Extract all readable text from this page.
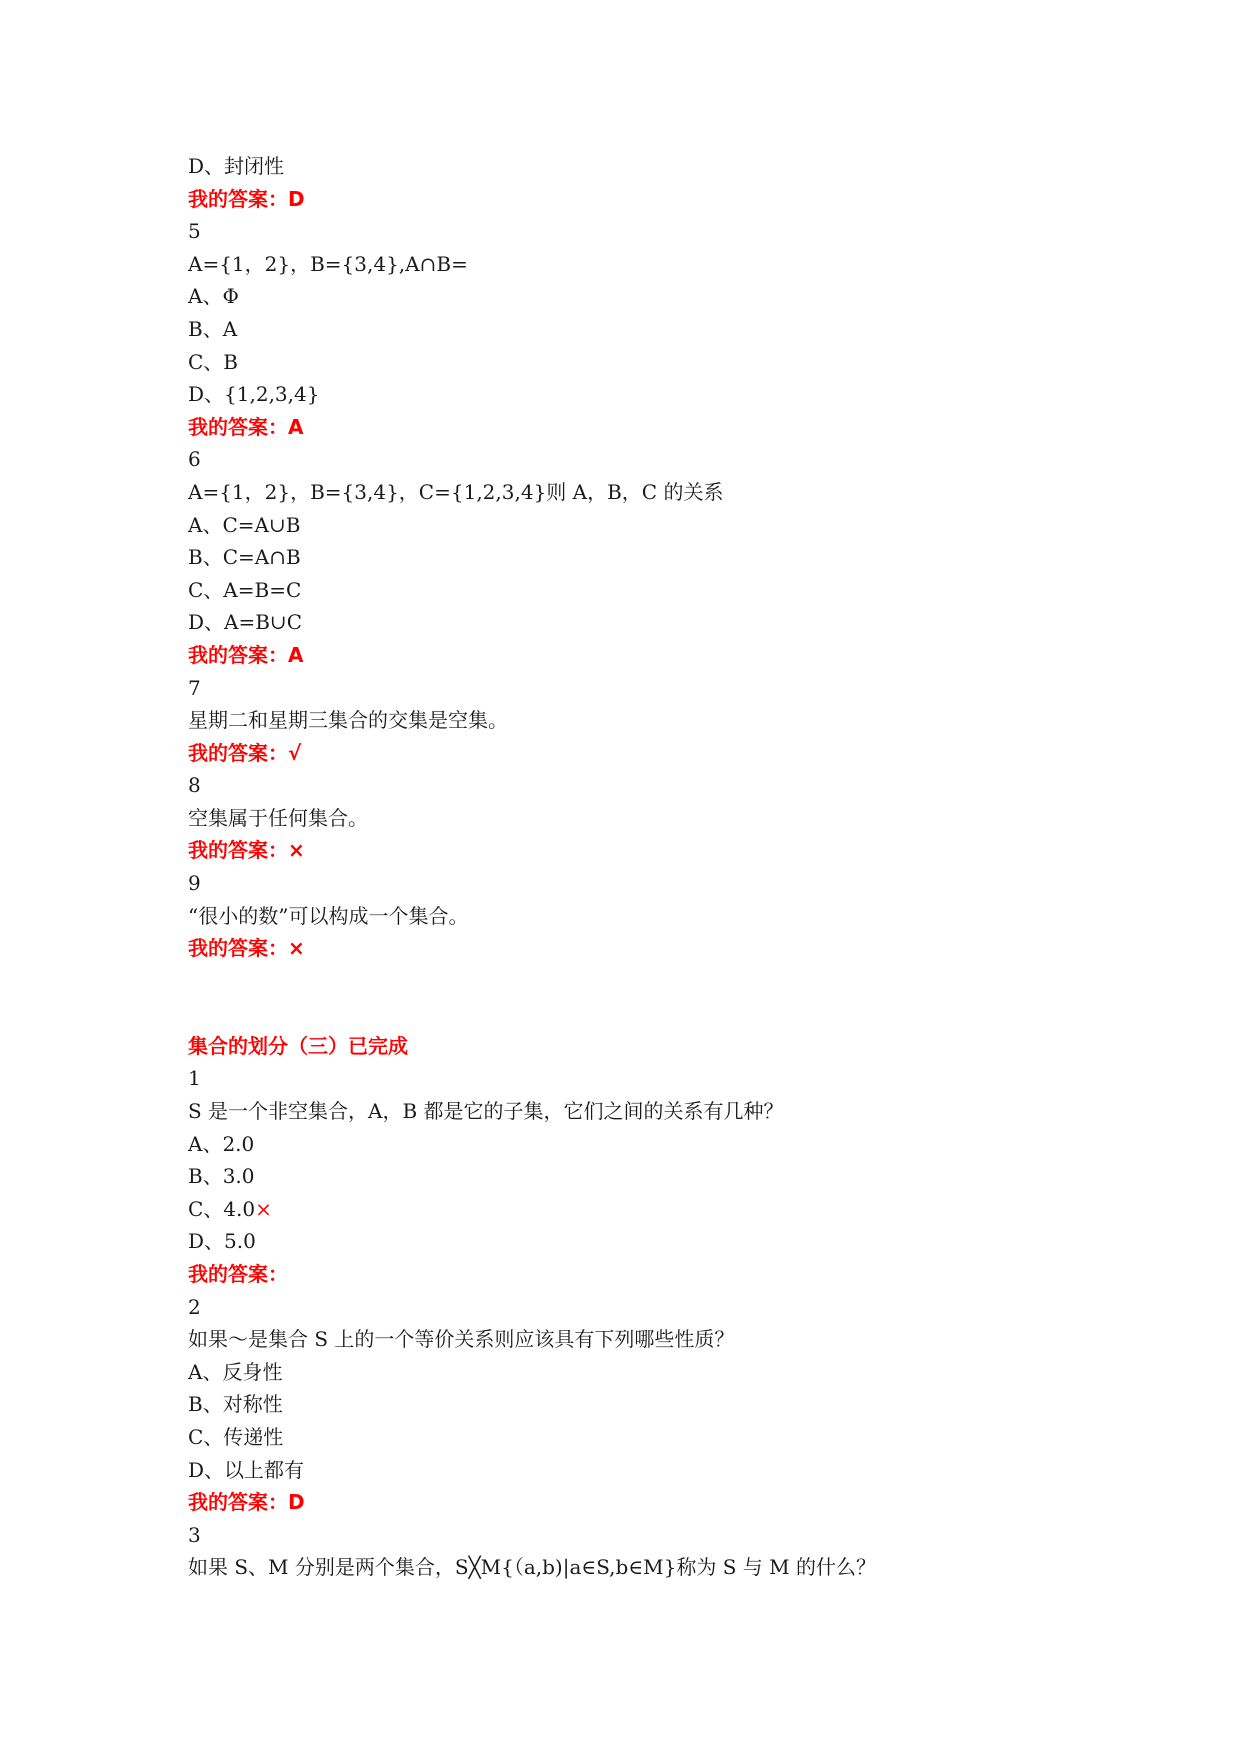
D、封闭性
我的答案：D
5
A={1，2}，B={3,4},A∩B=
A、Φ
B、A
C、B
D、{1,2,3,4}
我的答案：A
6
A={1，2}，B={3,4}，C={1,2,3,4}则 A，B，C 的关系
A、C=A∪B
B、C=A∩B
C、A=B=C
D、A=B∪C
我的答案：A
7
星期二和星期三集合的交集是空集。
我的答案：√
8
空集属于任何集合。
我的答案：×
9
“很小的数”可以构成一个集合。
我的答案：×
集合的划分（三）已完成
1
S 是一个非空集合，A，B 都是它的子集，它们之间的关系有几种？
A、2.0
B、3.0
C、4.0×
D、5.0
我的答案：
2
如果～是集合 S 上的一个等价关系则应该具有下列哪些性质？
A、反身性
B、对称性
C、传递性
D、以上都有
我的答案：D
3
如果 S、M 分别是两个集合，S╳M{（a,b)|a∈S,b∈M}称为 S 与 M 的什么？
